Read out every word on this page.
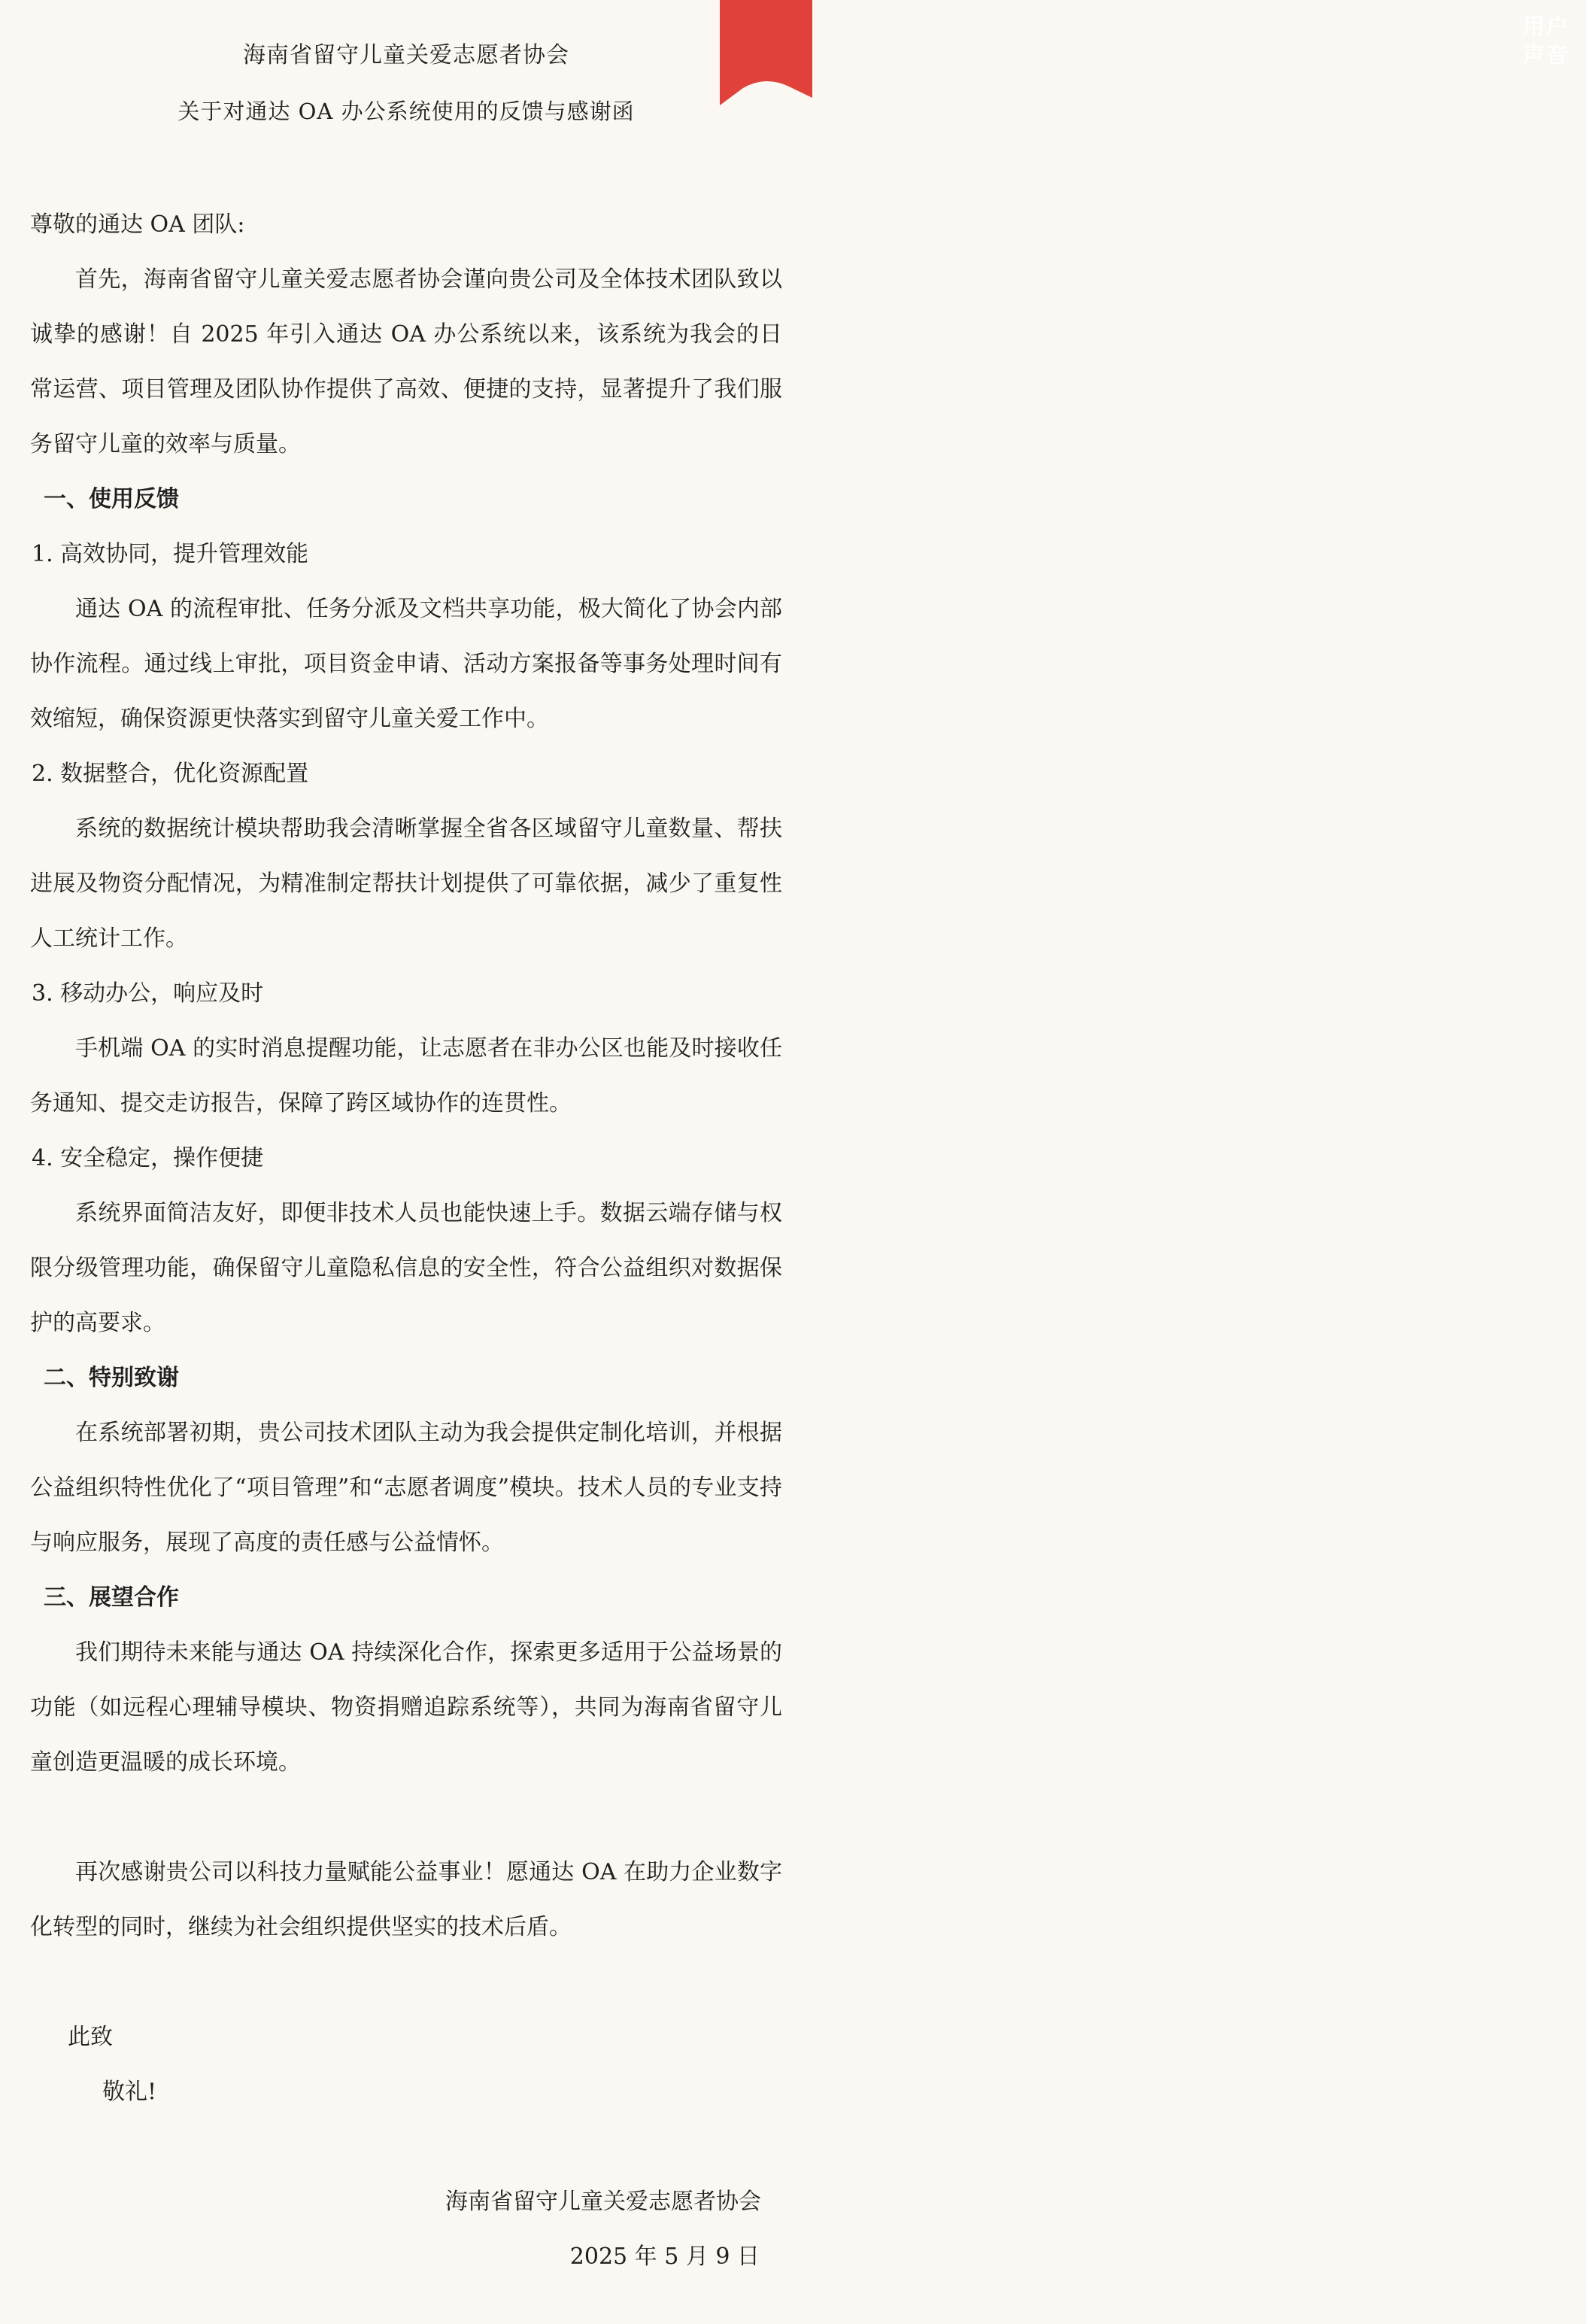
海南省留守儿童关爱志愿者协会
关于对通达 OA 办公系统使用的反馈与感谢函
用户
声音

尊敬的通达 OA 团队:

首先，海南省留守儿童关爱志愿者协会谨向贵公司及全体技术团队致以诚挚的感谢！自 2025 年引入通达 OA 办公系统以来，该系统为我会的日常运营、项目管理及团队协作提供了高效、便捷的支持，显著提升了我们服务留守儿童的效率与质量。

一、使用反馈

1. 高效协同，提升管理效能

通达 OA 的流程审批、任务分派及文档共享功能，极大简化了协会内部协作流程。通过线上审批，项目资金申请、活动方案报备等事务处理时间有效缩短，确保资源更快落实到留守儿童关爱工作中。

2. 数据整合，优化资源配置

系统的数据统计模块帮助我会清晰掌握全省各区域留守儿童数量、帮扶进展及物资分配情况，为精准制定帮扶计划提供了可靠依据，减少了重复性人工统计工作。

3. 移动办公，响应及时

手机端 OA 的实时消息提醒功能，让志愿者在非办公区也能及时接收任务通知、提交走访报告，保障了跨区域协作的连贯性。

4. 安全稳定，操作便捷

系统界面简洁友好，即便非技术人员也能快速上手。数据云端存储与权限分级管理功能，确保留守儿童隐私信息的安全性，符合公益组织对数据保护的高要求。

二、特别致谢

在系统部署初期，贵公司技术团队主动为我会提供定制化培训，并根据公益组织特性优化了“项目管理”和“志愿者调度”模块。技术人员的专业支持与响应服务，展现了高度的责任感与公益情怀。

三、展望合作

我们期待未来能与通达 OA 持续深化合作，探索更多适用于公益场景的功能（如远程心理辅导模块、物资捐赠追踪系统等），共同为海南省留守儿童创造更温暖的成长环境。

再次感谢贵公司以科技力量赋能公益事业！愿通达 OA 在助力企业数字化转型的同时，继续为社会组织提供坚实的技术后盾。

此致

敬礼!

海南省留守儿童关爱志愿者协会

2025 年 5 月 9 日
